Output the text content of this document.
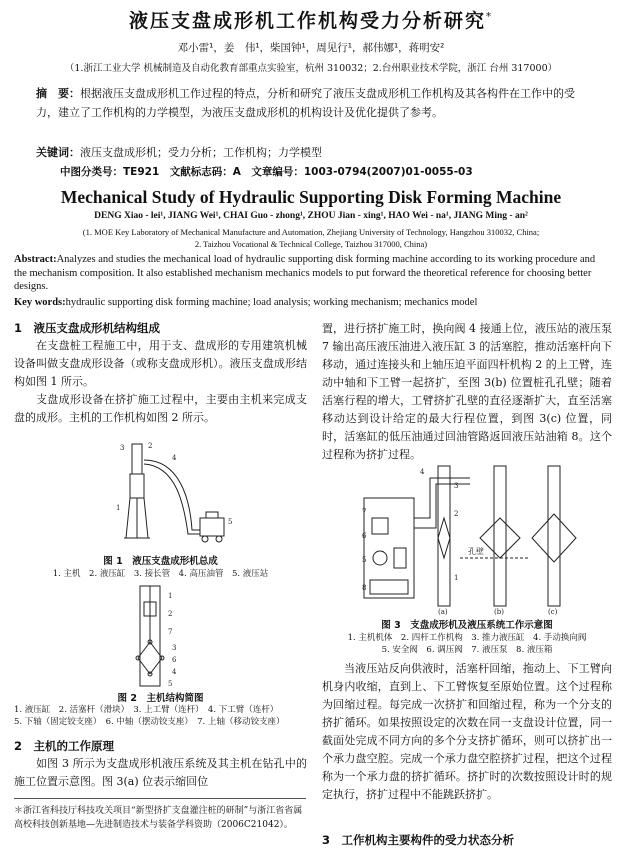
液压支盘成形机工作机构受力分析研究*
邓小雷¹，姜　伟¹，柴国钟¹，周见行¹，郝伟娜¹，蒋明安²
（1.浙江工业大学 机械制造及自动化教育部重点实验室，杭州 310032；2.台州职业技术学院，浙江 台州 317000）
摘　要：根据液压支盘成形机工作过程的特点，分析和研究了液压支盘成形机工作机构及其各构件在工作中的受力，建立了工作机构的力学模型，为液压支盘成形机的机构设计及优化提供了参考。
关键词：液压支盘成形机；受力分析；工作机构；力学模型
中图分类号：TE921　文献标志码：A　文章编号：1003-0794(2007)01-0055-03
Mechanical Study of Hydraulic Supporting Disk Forming Machine
DENG Xiao - lei¹, JIANG Wei¹, CHAI Guo - zhong¹, ZHOU Jian - xing¹, HAO Wei - na¹, JIANG Ming - an²
(1. MOE Key Laboratory of Mechanical Manufacture and Automation, Zhejiang University of Technology, Hangzhou 310032, China;
2. Taizhou Vocational & Technical College, Taizhou 317000, China)
Abstract:Analyzes and studies the mechanical load of hydraulic supporting disk forming machine according to its working procedure and the mechanism composition. It also established mechanism mechanics models to put forward the theoretical reference for choosing better designs.
Key words:hydraulic supporting disk forming machine; load analysis; working mechanism; mechanics model
1　液压支盘成形机结构组成

在支盘桩工程施工中，用于支、盘成形的专用建筑机械设备叫做支盘成形设备（或称支盘成形机）。液压支盘成形结构如图 1 所示。

支盘成形设备在挤扩施工过程中，主要由主机来完成支盘的成形。主机的工作机构如图 2 所示。

3	2
4
1
5
图 1　液压支盘成形机总成
1. 主机　2. 液压缸　3. 接长管　4. 高压油管　5. 液压站
1
2
7
3
6
4
5
图 2　主机结构简图
1. 液压缸　2. 活塞杆（滑块）　3. 上工臂（连杆）　4. 下工臂（连杆）
5. 下轴（固定铰支座）　6. 中轴（摆动铰支座）　7. 上轴（移动铰支座）
2　主机的工作原理

如图 3 所示为支盘成形机液压系统及其主机在钻孔中的施工位置示意图。图 3(a) 位表示缩回位

＊浙江省科技厅科技攻关项目“新型挤扩支盘灌注桩的研制”与浙江省省属高校科技创新基地—先进制造技术与装备学科资助（2006C21042）。

置，进行挤扩施工时，换向阀 4 接通上位，液压站的液压泵 7 输出高压液压油进入液压缸 3 的活塞腔，推动活塞杆向下移动，通过连接头和上轴压迫平面四杆机构 2 的上工臂，连动中轴和下工臂一起挤扩，至图 3(b) 位置桩孔孔壁；随着活塞行程的增大，工臂挤扩孔壁的直径逐渐扩大，直至活塞移动达到设计给定的最大行程位置，到图 3(c) 位置，同时，活塞缸的低压油通过回油管路返回液压站油箱 8。这个过程称为挤扩过程。

孔壁
7
6
5
8
4
3
2
1
(a)	(b)	(c)
图 3　支盘成形机及液压系统工作示意图
1. 主机机体　2. 四杆工作机构　3. 推力液压缸　4. 手动换向阀
5. 安全阀　6. 调压阀　7. 液压泵　8. 液压箱

当液压站反向供液时，活塞杆回缩，拖动上、下工臂向机身内收缩，直到上、下工臂恢复至原始位置。这个过程称为回缩过程。每完成一次挤扩和回缩过程，称为一个分支的挤扩循环。如果按照设定的次数在同一支盘设计位置，同一截面处完成不同方向的多个分支挤扩循环，则可以挤扩出一个承力盘空腔。完成一个承力盘空腔挤扩过程，把这个过程称为一个承力盘的挤扩循环。挤扩时的次数按照设计时的规定执行，挤扩过程中不能跳跃挤扩。

3　工作机构主要构件的受力状态分析
